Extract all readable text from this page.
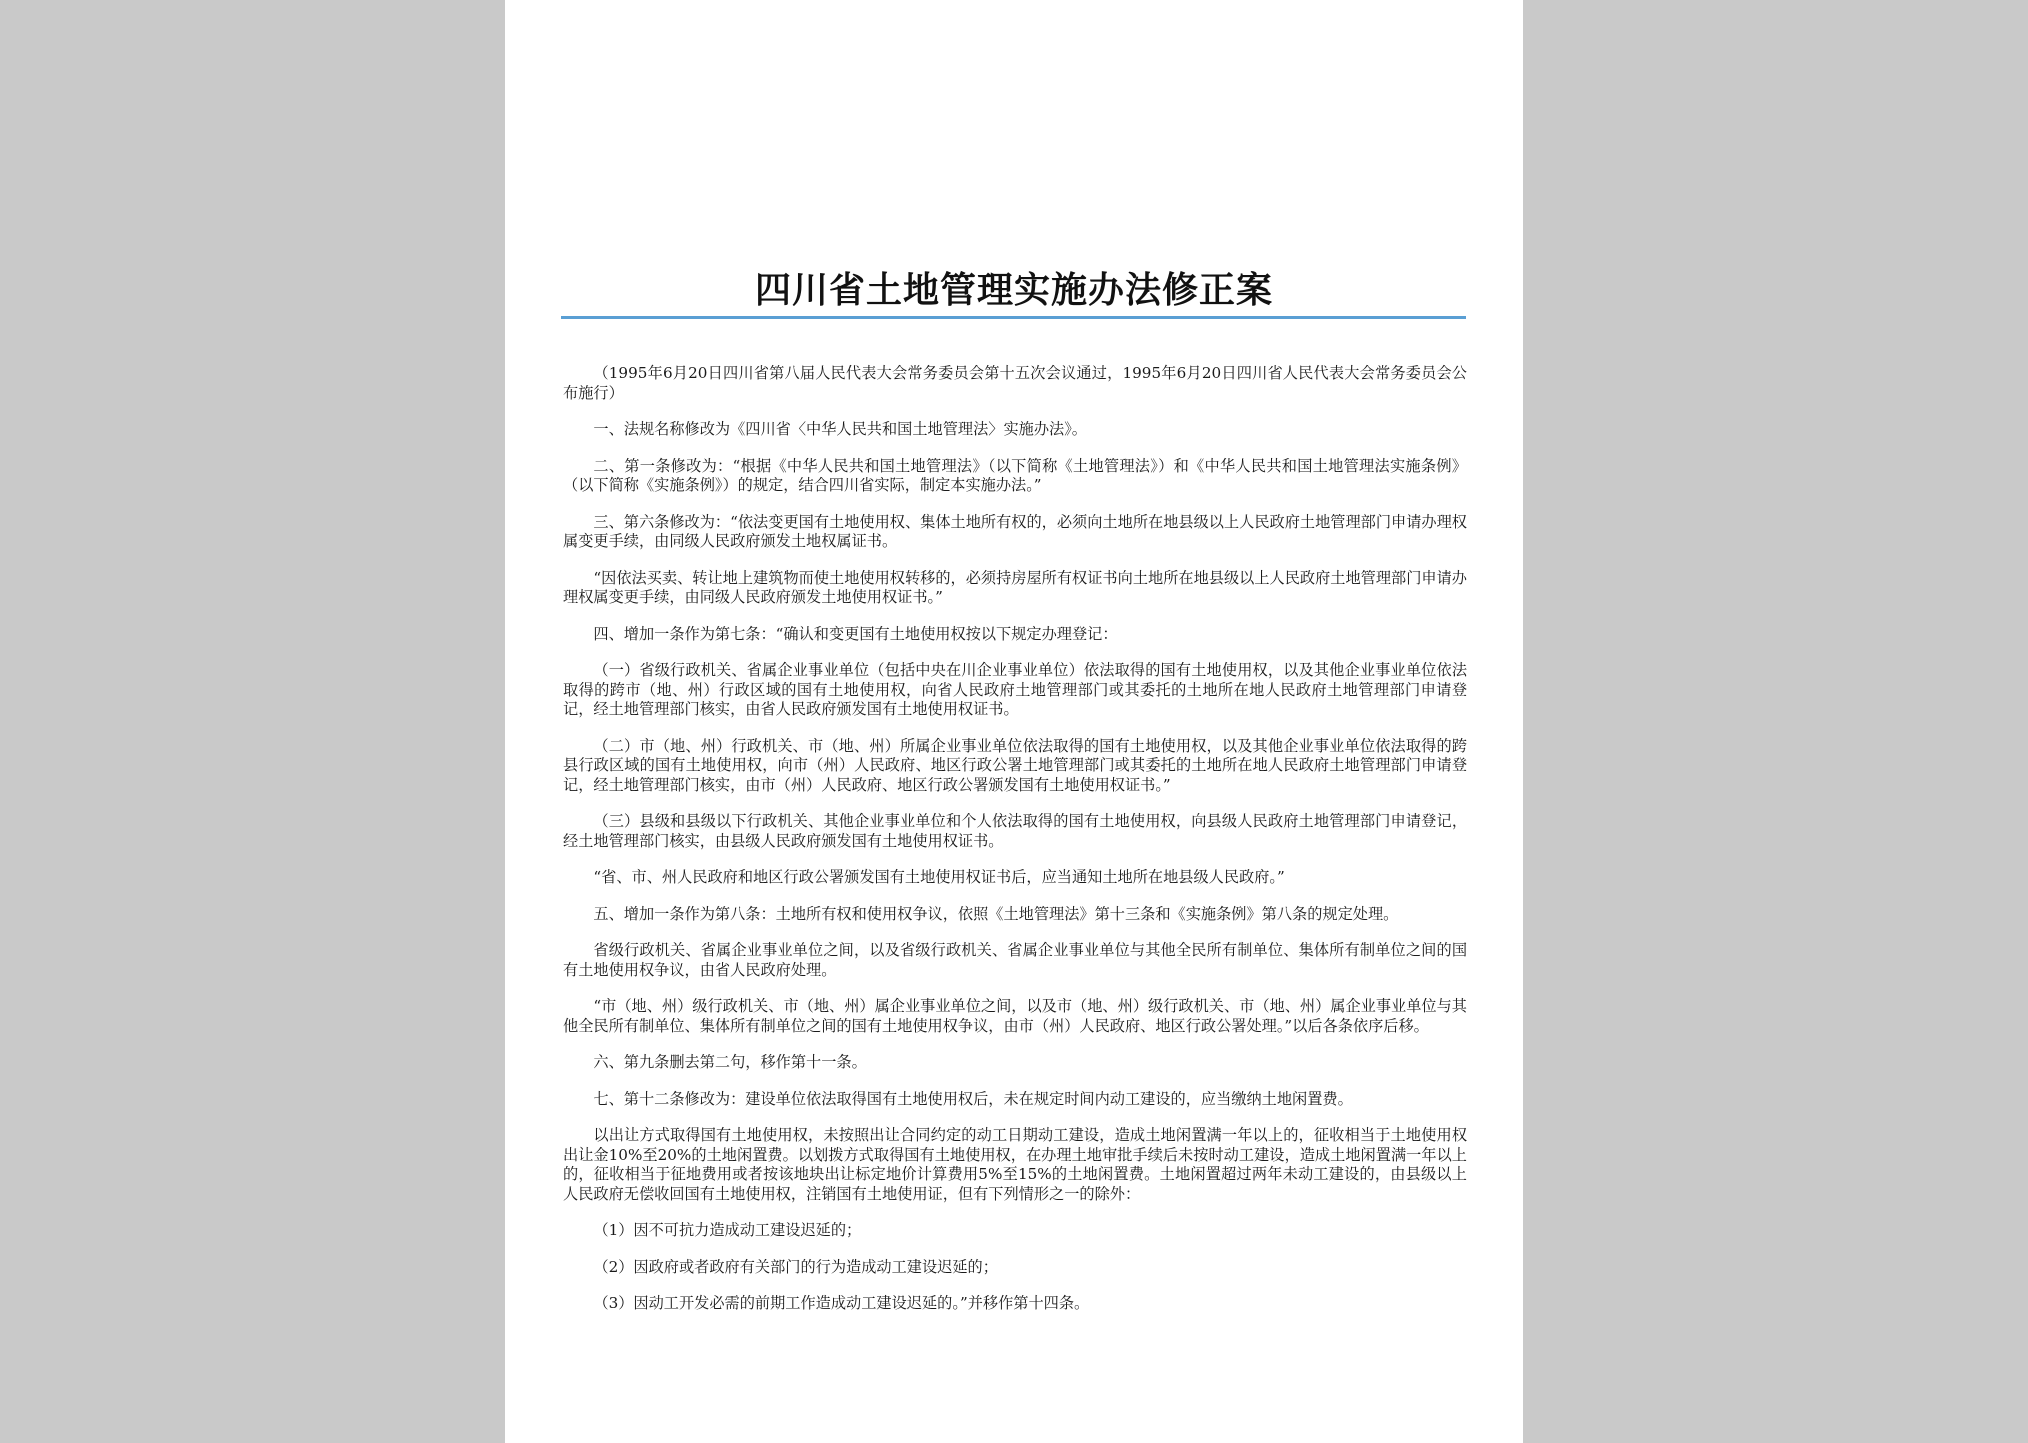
四川省土地管理实施办法修正案

（1995年6月20日四川省第八届人民代表大会常务委员会第十五次会议通过，1995年6月20日四川省人民代表大会常务委员会公布施行）

一、法规名称修改为《四川省〈中华人民共和国土地管理法〉实施办法》。

二、第一条修改为：“根据《中华人民共和国土地管理法》（以下简称《土地管理法》）和《中华人民共和国土地管理法实施条例》（以下简称《实施条例》）的规定，结合四川省实际，制定本实施办法。”

三、第六条修改为：“依法变更国有土地使用权、集体土地所有权的，必须向土地所在地县级以上人民政府土地管理部门申请办理权属变更手续，由同级人民政府颁发土地权属证书。

“因依法买卖、转让地上建筑物而使土地使用权转移的，必须持房屋所有权证书向土地所在地县级以上人民政府土地管理部门申请办理权属变更手续，由同级人民政府颁发土地使用权证书。”

四、增加一条作为第七条：“确认和变更国有土地使用权按以下规定办理登记：

（一）省级行政机关、省属企业事业单位（包括中央在川企业事业单位）依法取得的国有土地使用权，以及其他企业事业单位依法取得的跨市（地、州）行政区域的国有土地使用权，向省人民政府土地管理部门或其委托的土地所在地人民政府土地管理部门申请登记，经土地管理部门核实，由省人民政府颁发国有土地使用权证书。

（二）市（地、州）行政机关、市（地、州）所属企业事业单位依法取得的国有土地使用权，以及其他企业事业单位依法取得的跨县行政区域的国有土地使用权，向市（州）人民政府、地区行政公署土地管理部门或其委托的土地所在地人民政府土地管理部门申请登记，经土地管理部门核实，由市（州）人民政府、地区行政公署颁发国有土地使用权证书。”

（三）县级和县级以下行政机关、其他企业事业单位和个人依法取得的国有土地使用权，向县级人民政府土地管理部门申请登记，经土地管理部门核实，由县级人民政府颁发国有土地使用权证书。

“省、市、州人民政府和地区行政公署颁发国有土地使用权证书后，应当通知土地所在地县级人民政府。”

五、增加一条作为第八条：土地所有权和使用权争议，依照《土地管理法》第十三条和《实施条例》第八条的规定处理。

省级行政机关、省属企业事业单位之间，以及省级行政机关、省属企业事业单位与其他全民所有制单位、集体所有制单位之间的国有土地使用权争议，由省人民政府处理。

“市（地、州）级行政机关、市（地、州）属企业事业单位之间，以及市（地、州）级行政机关、市（地、州）属企业事业单位与其他全民所有制单位、集体所有制单位之间的国有土地使用权争议，由市（州）人民政府、地区行政公署处理。”以后各条依序后移。

六、第九条删去第二句，移作第十一条。

七、第十二条修改为：建设单位依法取得国有土地使用权后，未在规定时间内动工建设的，应当缴纳土地闲置费。

以出让方式取得国有土地使用权，未按照出让合同约定的动工日期动工建设，造成土地闲置满一年以上的，征收相当于土地使用权出让金10%至20%的土地闲置费。以划拨方式取得国有土地使用权，在办理土地审批手续后未按时动工建设，造成土地闲置满一年以上的，征收相当于征地费用或者按该地块出让标定地价计算费用5%至15%的土地闲置费。土地闲置超过两年未动工建设的，由县级以上人民政府无偿收回国有土地使用权，注销国有土地使用证，但有下列情形之一的除外：

（1）因不可抗力造成动工建设迟延的；

（2）因政府或者政府有关部门的行为造成动工建设迟延的；

（3）因动工开发必需的前期工作造成动工建设迟延的。”并移作第十四条。
